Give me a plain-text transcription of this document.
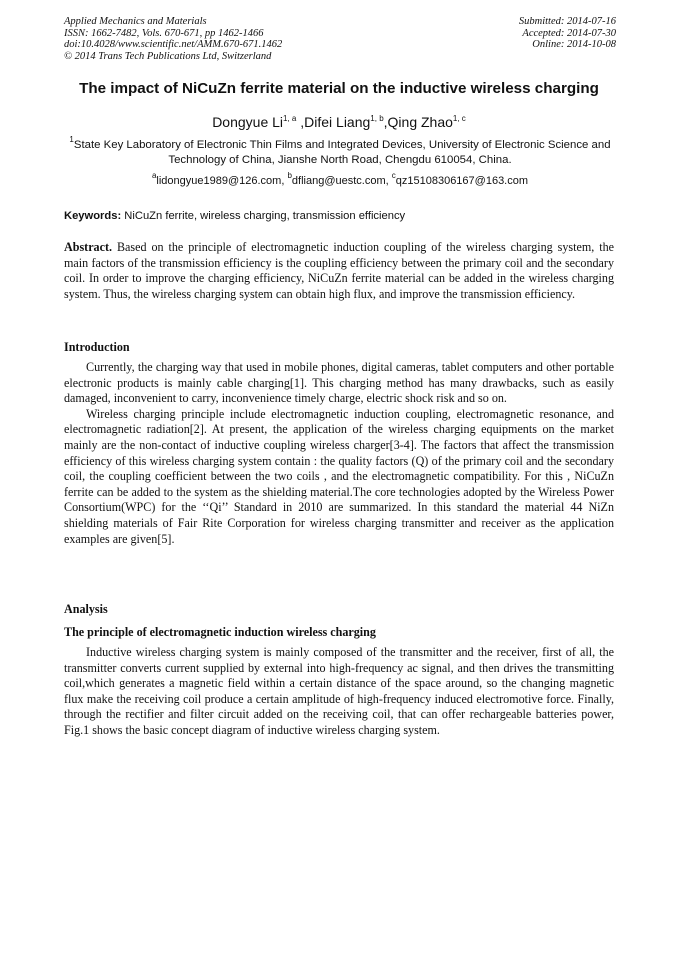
Applied Mechanics and Materials
ISSN: 1662-7482, Vols. 670-671, pp 1462-1466
doi:10.4028/www.scientific.net/AMM.670-671.1462
© 2014 Trans Tech Publications Ltd, Switzerland
Submitted: 2014-07-16
Accepted: 2014-07-30
Online: 2014-10-08
The impact of NiCuZn ferrite material on the inductive wireless charging
Dongyue Li$^{1, a}$ ,Difei Liang$^{1, b}$,Qing Zhao$^{1, c}$
$^1$State Key Laboratory of Electronic Thin Films and Integrated Devices, University of Electronic Science and Technology of China, Jianshe North Road, Chengdu 610054, China.
$^a$lidongyue1989@126.com, $^b$dfliang@uestc.com, $^c$qz15108306167@163.com
Keywords: NiCuZn ferrite, wireless charging, transmission efficiency

Abstract. Based on the principle of electromagnetic induction coupling of the wireless charging system, the main factors of the transmission efficiency is the coupling efficiency between the primary coil and the secondary coil. In order to improve the charging efficiency, NiCuZn ferrite material can be added in the wireless charging system. Thus, the wireless charging system can obtain high flux, and improve the transmission efficiency.

Introduction

Currently, the charging way that used in mobile phones, digital cameras, tablet computers and other portable electronic products is mainly cable charging[1]. This charging method has many drawbacks, such as easily damaged, inconvenient to carry, inconvenience timely charge, electric shock risk and so on.

Wireless charging principle include electromagnetic induction coupling, electromagnetic resonance, and electromagnetic radiation[2]. At present, the application of the wireless charging equipments on the market mainly are the non-contact of inductive coupling wireless charger[3-4]. The factors that affect the transmission efficiency of this wireless charging system contain : the quality factors (Q) of the primary coil and the secondary coil, the coupling coefficient between the two coils , and the electromagnetic compatibility. For this , NiCuZn ferrite can be added to the system as the shielding material.The core technologies adopted by the Wireless Power Consortium(WPC) for the ‘‘Qi’’ Standard in 2010 are summarized. In this standard the material 44 NiZn shielding materials of Fair Rite Corporation for wireless charging transmitter and receiver as the application examples are given[5].

Analysis
The principle of electromagnetic induction wireless charging

Inductive wireless charging system is mainly composed of the transmitter and the receiver, first of all, the transmitter converts current supplied by external into high-frequency ac signal, and then drives the transmitting coil,which generates a magnetic field within a certain distance of the space around, so the changing magnetic flux make the receiving coil produce a certain amplitude of high-frequency induced electromotive force. Finally, through the rectifier and filter circuit added on the receiving coil, that can offer rechargeable batteries power, Fig.1 shows the basic concept diagram of inductive wireless charging system.
